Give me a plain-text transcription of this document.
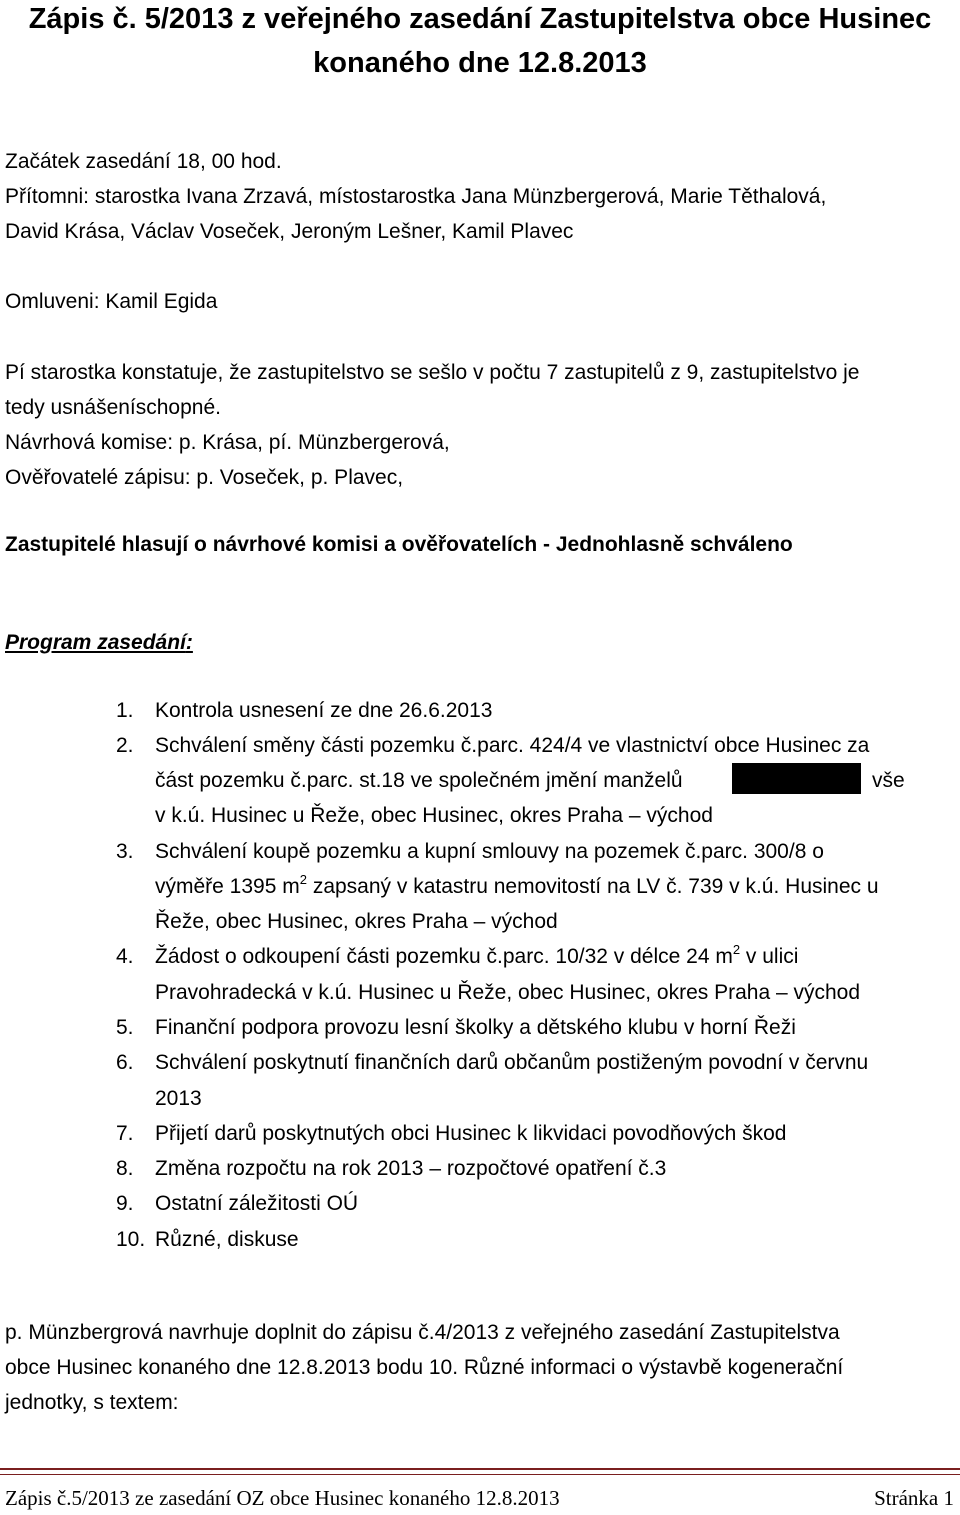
Zápis č. 5/2013 z veřejného zasedání Zastupitelstva obce Husinec
konaného dne 12.8.2013
Začátek zasedání 18, 00 hod.
Přítomni: starostka Ivana Zrzavá, místostarostka Jana Münzbergerová, Marie Těthalová,
David Krása, Václav Voseček, Jeroným Lešner, Kamil Plavec
Omluveni: Kamil Egida
Pí starostka konstatuje, že zastupitelstvo se sešlo v počtu 7 zastupitelů z 9, zastupitelstvo je
tedy usnášeníschopné.
Návrhová komise: p. Krása, pí. Münzbergerová,
Ověřovatelé zápisu: p. Voseček, p. Plavec,
Zastupitelé hlasují o návrhové komisi a ověřovatelích - Jednohlasně schváleno
Program zasedání:
1. Kontrola usnesení ze dne 26.6.2013
2. Schválení směny části pozemku č.parc. 424/4 ve vlastnictví obce Husinec za
část pozemku č.parc. st.18 ve společném jmění manželů	vše
v k.ú. Husinec u Řeže, obec Husinec, okres Praha – východ
3. Schválení koupě pozemku a kupní smlouvy na pozemek č.parc. 300/8 o
výměře 1395 $m^2$ zapsaný v katastru nemovitostí na LV č. 739 v k.ú. Husinec u
Řeže, obec Husinec, okres Praha – východ
4. Žádost o odkoupení části pozemku č.parc. 10/32 v délce 24 $m^2$ v ulici
Pravohradecká v k.ú. Husinec u Řeže, obec Husinec, okres Praha – východ
5. Finanční podpora provozu lesní školky a dětského klubu v horní Řeži
6. Schválení poskytnutí finančních darů občanům postiženým povodní v červnu
2013
7. Přijetí darů poskytnutých obci Husinec k likvidaci povodňových škod
8. Změna rozpočtu na rok 2013 – rozpočtové opatření č.3
9. Ostatní záležitosti OÚ
10. Různé, diskuse
p. Münzbergrová navrhuje doplnit do zápisu č.4/2013 z veřejného zasedání Zastupitelstva
obce Husinec konaného dne 12.8.2013 bodu 10. Různé informaci o výstavbě kogenerační
jednotky, s textem:
Zápis č.5/2013 ze zasedání OZ obce Husinec konaného 12.8.2013	Stránka 1
